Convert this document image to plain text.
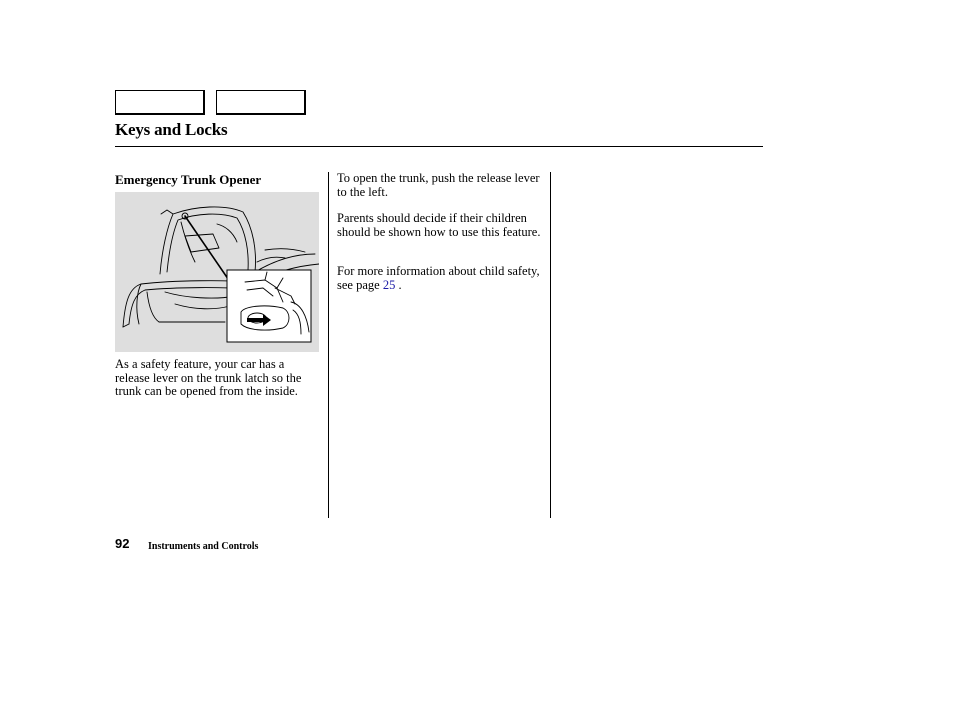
Keys and Locks
Emergency Trunk Opener

As a safety feature, your car has a release lever on the trunk latch so the trunk can be opened from the inside.

To open the trunk, push the release lever to the left.

Parents should decide if their children should be shown how to use this feature.

For more information about child safety, see page 25 .

92 Instruments and Controls
